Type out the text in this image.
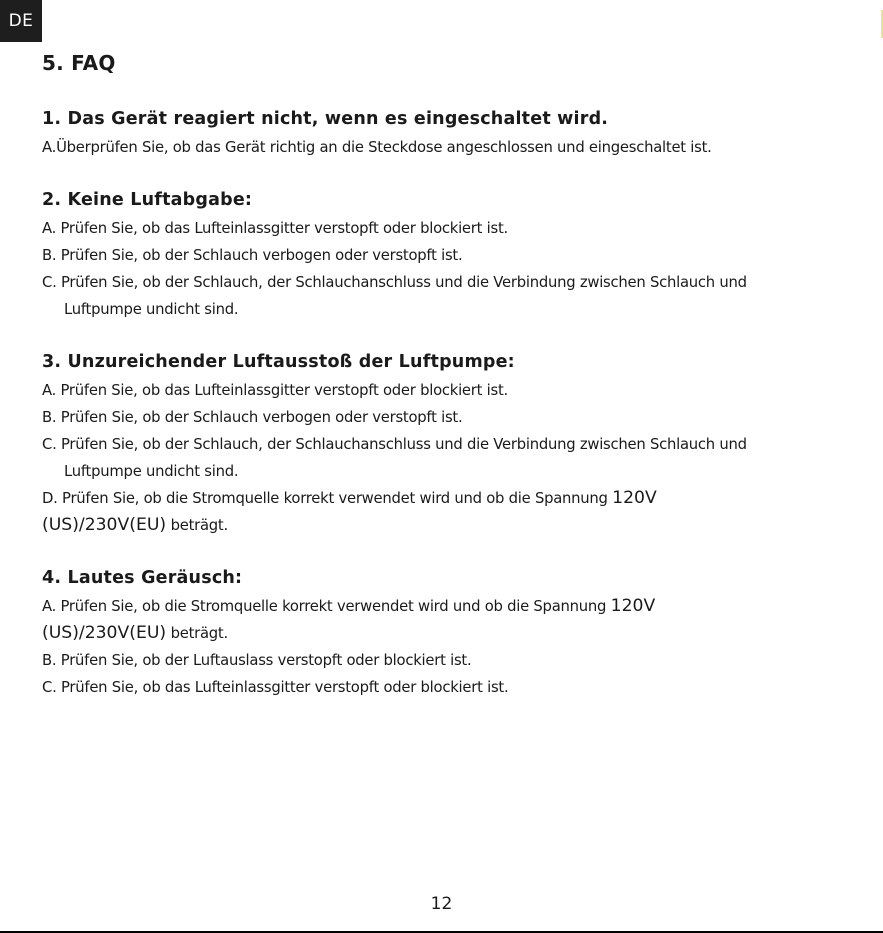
DE
5. FAQ
1. Das Gerät reagiert nicht, wenn es eingeschaltet wird.

A.Überprüfen Sie, ob das Gerät richtig an die Steckdose angeschlossen und eingeschaltet ist.

2. Keine Luftabgabe:

A. Prüfen Sie, ob das Lufteinlassgitter verstopft oder blockiert ist.

B. Prüfen Sie, ob der Schlauch verbogen oder verstopft ist.

C. Prüfen Sie, ob der Schlauch, der Schlauchanschluss und die Verbindung zwischen Schlauch und

Luftpumpe undicht sind.

3. Unzureichender Luftausstoß der Luftpumpe:

A. Prüfen Sie, ob das Lufteinlassgitter verstopft oder blockiert ist.

B. Prüfen Sie, ob der Schlauch verbogen oder verstopft ist.

C. Prüfen Sie, ob der Schlauch, der Schlauchanschluss und die Verbindung zwischen Schlauch und

Luftpumpe undicht sind.

D. Prüfen Sie, ob die Stromquelle korrekt verwendet wird und ob die Spannung 120V

(US)/230V(EU) beträgt.

4. Lautes Geräusch:

A. Prüfen Sie, ob die Stromquelle korrekt verwendet wird und ob die Spannung 120V

(US)/230V(EU) beträgt.

B. Prüfen Sie, ob der Luftauslass verstopft oder blockiert ist.

C. Prüfen Sie, ob das Lufteinlassgitter verstopft oder blockiert ist.

12
